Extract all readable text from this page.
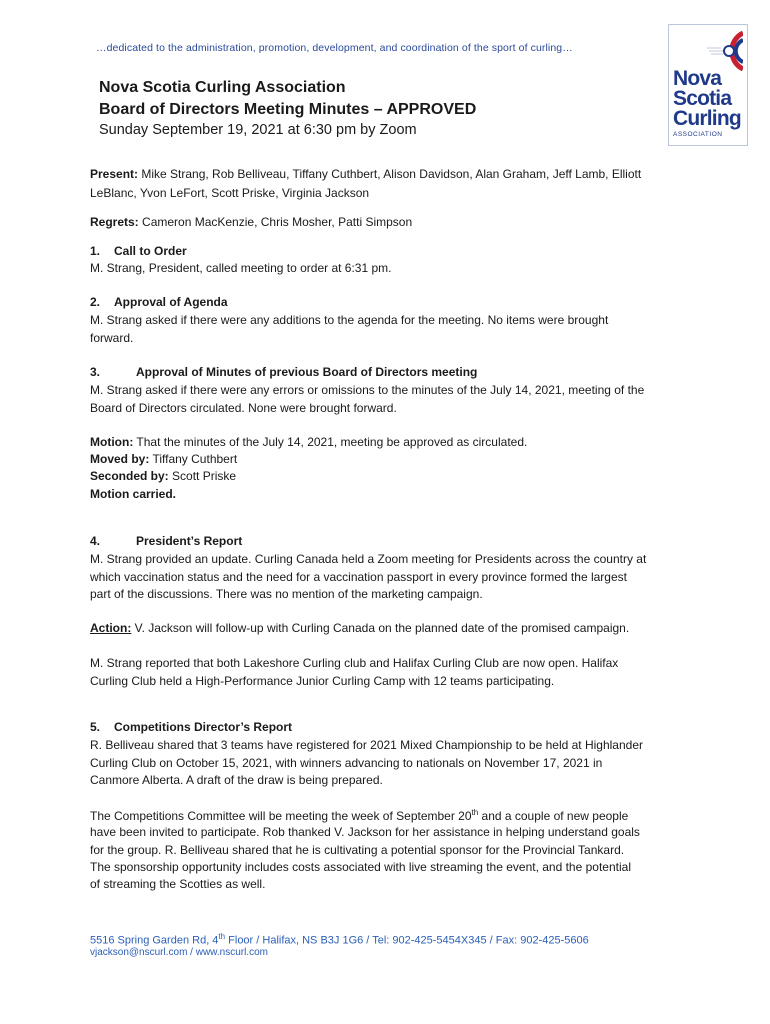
…dedicated to the administration, promotion, development, and coordination of the sport of curling…
Nova
Scotia
Curling
ASSOCIATION
Nova Scotia Curling Association
Board of Directors Meeting Minutes – APPROVED
Sunday September 19, 2021 at 6:30 pm by Zoom
Present: Mike Strang, Rob Belliveau, Tiffany Cuthbert, Alison Davidson, Alan Graham, Jeff Lamb, Elliott
LeBlanc, Yvon LeFort, Scott Priske, Virginia Jackson
Regrets: Cameron MacKenzie, Chris Mosher, Patti Simpson
1. Call to Order
M. Strang, President, called meeting to order at 6:31 pm.
2. Approval of Agenda
M. Strang asked if there were any additions to the agenda for the meeting. No items were brought
forward.
3.	Approval of Minutes of previous Board of Directors meeting
M. Strang asked if there were any errors or omissions to the minutes of the July 14, 2021, meeting of the
Board of Directors circulated. None were brought forward.
Motion: That the minutes of the July 14, 2021, meeting be approved as circulated.
Moved by: Tiffany Cuthbert
Seconded by: Scott Priske
Motion carried.
4.	President’s Report
M. Strang provided an update. Curling Canada held a Zoom meeting for Presidents across the country at
which vaccination status and the need for a vaccination passport in every province formed the largest
part of the discussions. There was no mention of the marketing campaign.
Action: V. Jackson will follow-up with Curling Canada on the planned date of the promised campaign.
M. Strang reported that both Lakeshore Curling club and Halifax Curling Club are now open. Halifax
Curling Club held a High-Performance Junior Curling Camp with 12 teams participating.
5. Competitions Director’s Report
R. Belliveau shared that 3 teams have registered for 2021 Mixed Championship to be held at Highlander
Curling Club on October 15, 2021, with winners advancing to nationals on November 17, 2021 in
Canmore Alberta. A draft of the draw is being prepared.
The Competitions Committee will be meeting the week of September 20th and a couple of new people
have been invited to participate. Rob thanked V. Jackson for her assistance in helping understand goals
for the group. R. Belliveau shared that he is cultivating a potential sponsor for the Provincial Tankard.
The sponsorship opportunity includes costs associated with live streaming the event, and the potential
of streaming the Scotties as well.
5516 Spring Garden Rd, 4th Floor / Halifax, NS B3J 1G6 / Tel: 902-425-5454X345 / Fax: 902-425-5606
vjackson@nscurl.com / www.nscurl.com
